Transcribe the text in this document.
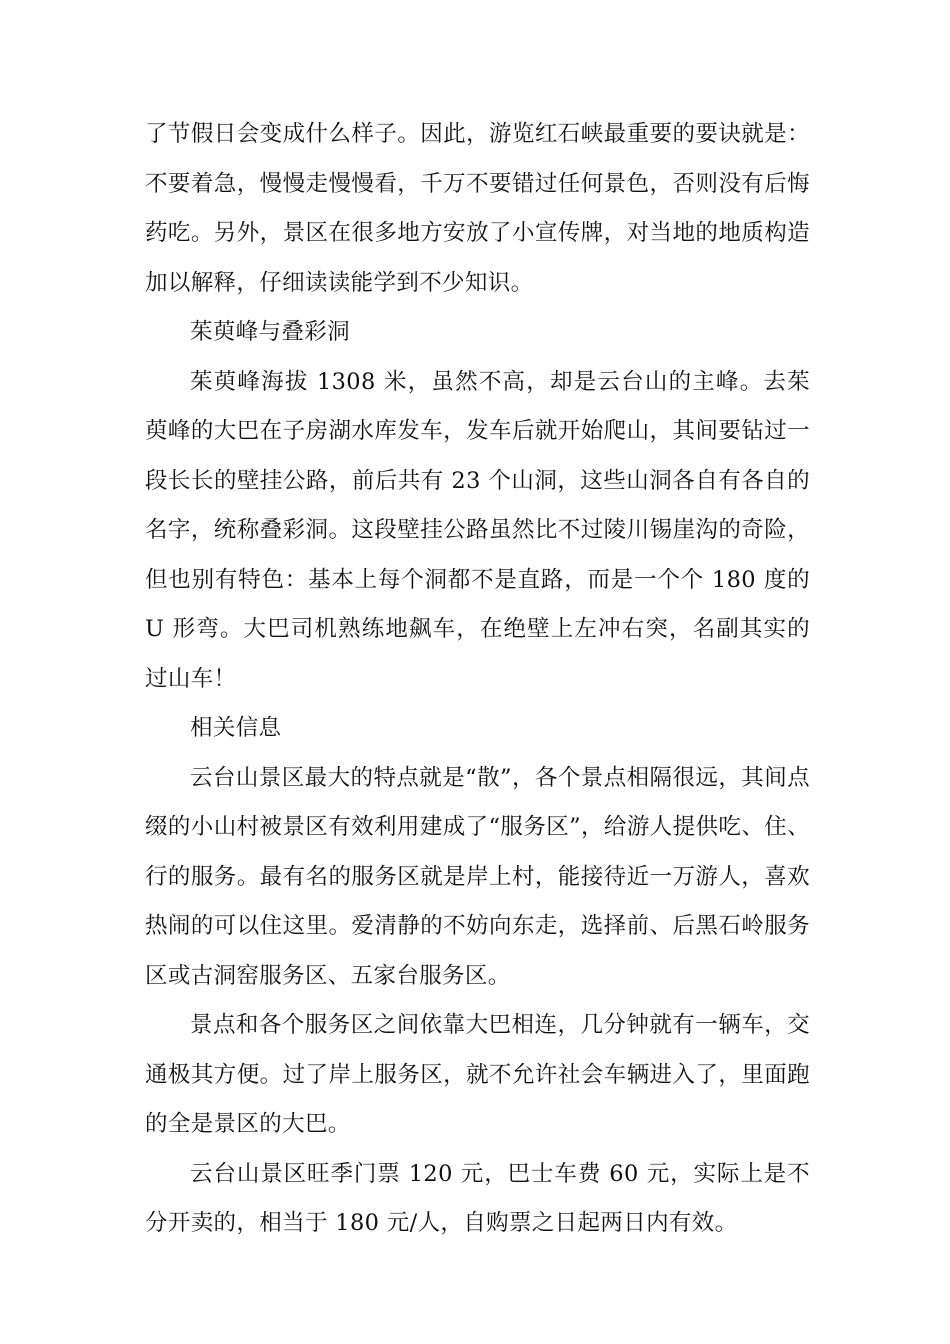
了节假日会变成什么样子。因此，游览红石峡最重要的要诀就是：不要着急，慢慢走慢慢看，千万不要错过任何景色，否则没有后悔药吃。另外，景区在很多地方安放了小宣传牌，对当地的地质构造加以解释，仔细读读能学到不少知识。

茱萸峰与叠彩洞

茱萸峰海拔 1308 米，虽然不高，却是云台山的主峰。去茱萸峰的大巴在子房湖水库发车，发车后就开始爬山，其间要钻过一段长长的壁挂公路，前后共有 23 个山洞，这些山洞各自有各自的名字，统称叠彩洞。这段壁挂公路虽然比不过陵川锡崖沟的奇险，但也别有特色：基本上每个洞都不是直路，而是一个个 180 度的 U 形弯。大巴司机熟练地飙车，在绝壁上左冲右突，名副其实的过山车！

相关信息

云台山景区最大的特点就是“散”，各个景点相隔很远，其间点缀的小山村被景区有效利用建成了“服务区”，给游人提供吃、住、行的服务。最有名的服务区就是岸上村，能接待近一万游人，喜欢热闹的可以住这里。爱清静的不妨向东走，选择前、后黑石岭服务区或古洞窑服务区、五家台服务区。

景点和各个服务区之间依靠大巴相连，几分钟就有一辆车，交通极其方便。过了岸上服务区，就不允许社会车辆进入了，里面跑的全是景区的大巴。

云台山景区旺季门票 120 元，巴士车费 60 元，实际上是不分开卖的，相当于 180 元/人，自购票之日起两日内有效。
